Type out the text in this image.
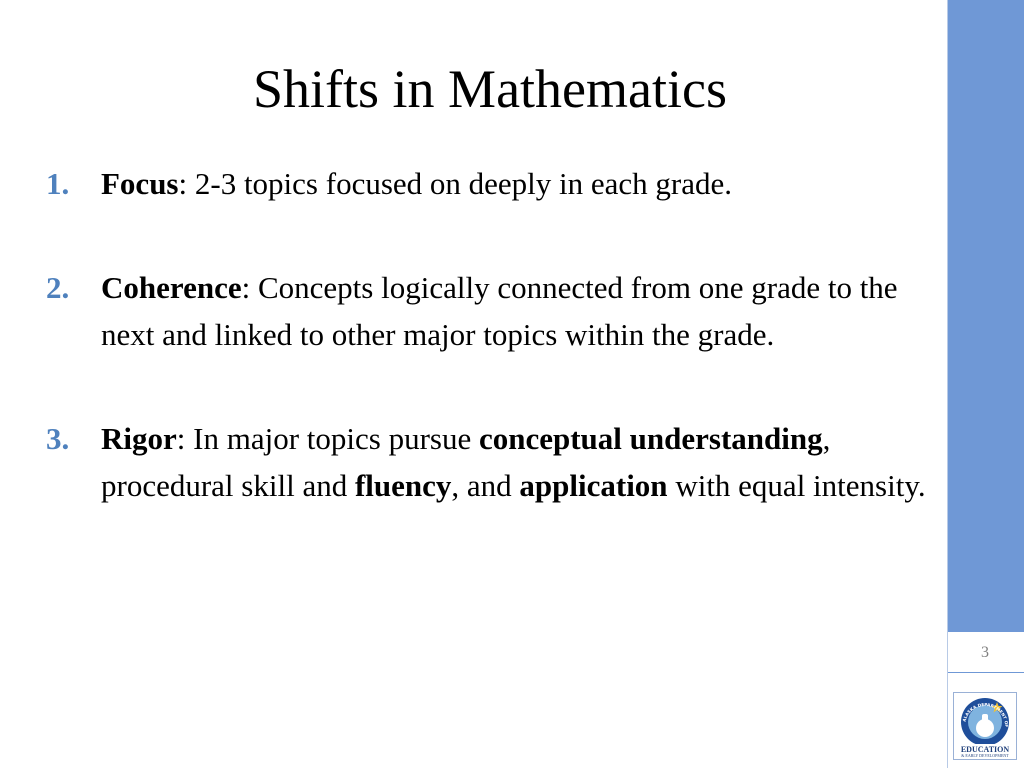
3
ALASKA DEPARTMENT OF
EDUCATION
& EARLY DEVELOPMENT
Shifts in Mathematics
1. Focus: 2-3 topics focused on deeply in each grade.
2. Coherence: Concepts logically connected from one grade to the next and linked to other major topics within the grade.
3. Rigor: In major topics pursue conceptual understanding, procedural skill and fluency, and application with equal intensity.
